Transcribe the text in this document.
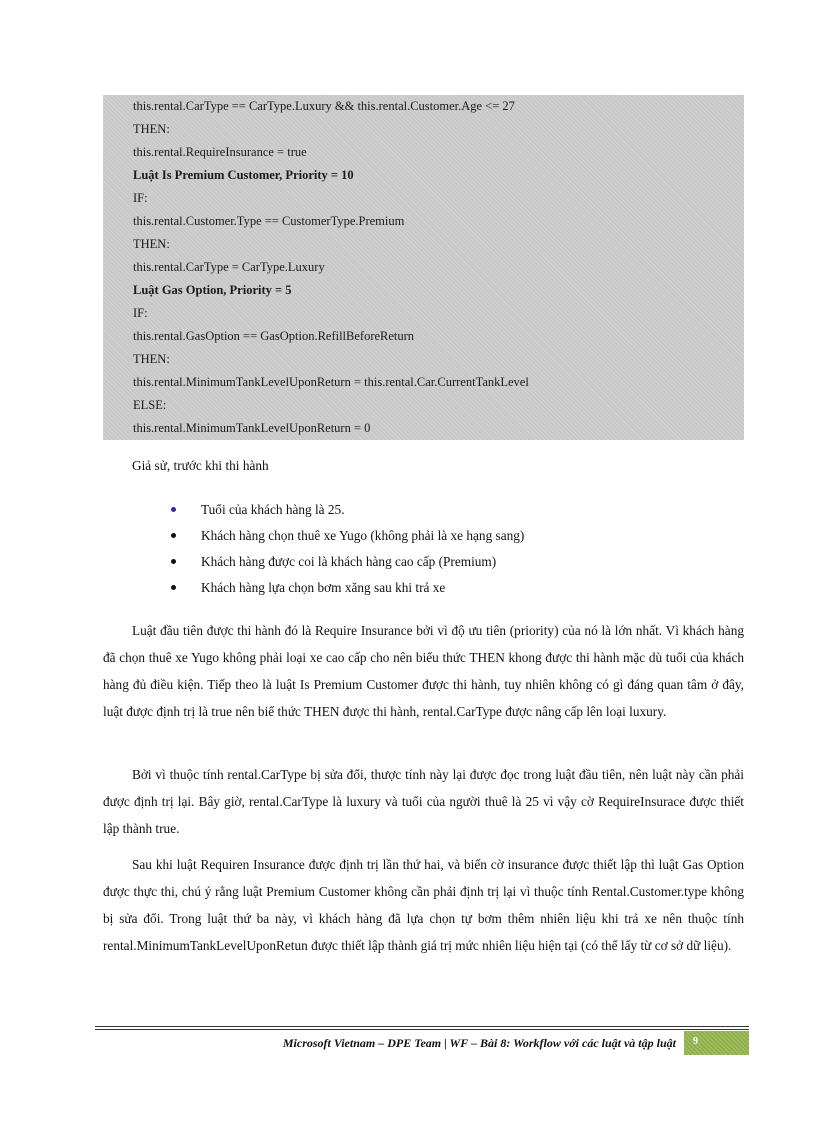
this.rental.CarType == CarType.Luxury && this.rental.Customer.Age <= 27
THEN:
this.rental.RequireInsurance = true
Luật Is Premium Customer, Priority = 10
IF:
this.rental.Customer.Type == CustomerType.Premium
THEN:
this.rental.CarType = CarType.Luxury
Luật Gas Option, Priority = 5
IF:
this.rental.GasOption == GasOption.RefillBeforeReturn
THEN:
this.rental.MinimumTankLevelUponReturn = this.rental.Car.CurrentTankLevel
ELSE:
this.rental.MinimumTankLevelUponReturn = 0
Giả sử, trước khi thi hành
Tuổi của khách hàng là 25.
Khách hàng chọn thuê xe Yugo (không phải là xe hạng sang)
Khách hàng được coi là khách hàng cao cấp (Premium)
Khách hàng lựa chọn bơm xăng sau khi trả xe

Luật đầu tiên được thi hành đó là Require Insurance bởi vì độ ưu tiên (priority) của nó là lớn nhất. Vì khách hàng đã chọn thuê xe Yugo không phải loại xe cao cấp cho nên biểu thức THEN khong được thi hành mặc dù tuổi của khách hàng đủ điều kiện. Tiếp theo là luật Is Premium Customer được thi hành, tuy nhiên không có gì đáng quan tâm ở đây, luật được định trị là true nên biể thức THEN được thi hành, rental.CarType được nâng cấp lên loại luxury.

Bởi vì thuộc tính rental.CarType bị sửa đổi, thược tính này lại được đọc trong luật đầu tiên, nên luật này cần phải được định trị lại. Bây giờ, rental.CarType là luxury và tuổi của người thuê là 25 vì vậy cờ RequireInsurace được thiết lập thành true.

Sau khi luật Requiren Insurance được định trị lần thứ hai, và biến cờ insurance được thiết lập thì luật Gas Option được thực thi, chú ý rằng luật Premium Customer không cần phải định trị lại vì thuộc tính Rental.Customer.type không bị sửa đổi. Trong luật thứ ba này, vì khách hàng đã lựa chọn tự bơm thêm nhiên liệu khi trả xe nên thuộc tính rental.MinimumTankLevelUponRetun được thiết lập thành giá trị mức nhiên liệu hiện tại (có thể lấy từ cơ sở dữ liệu).

Microsoft Vietnam – DPE Team | WF – Bài 8: Workflow với các luật và tập luật 9
